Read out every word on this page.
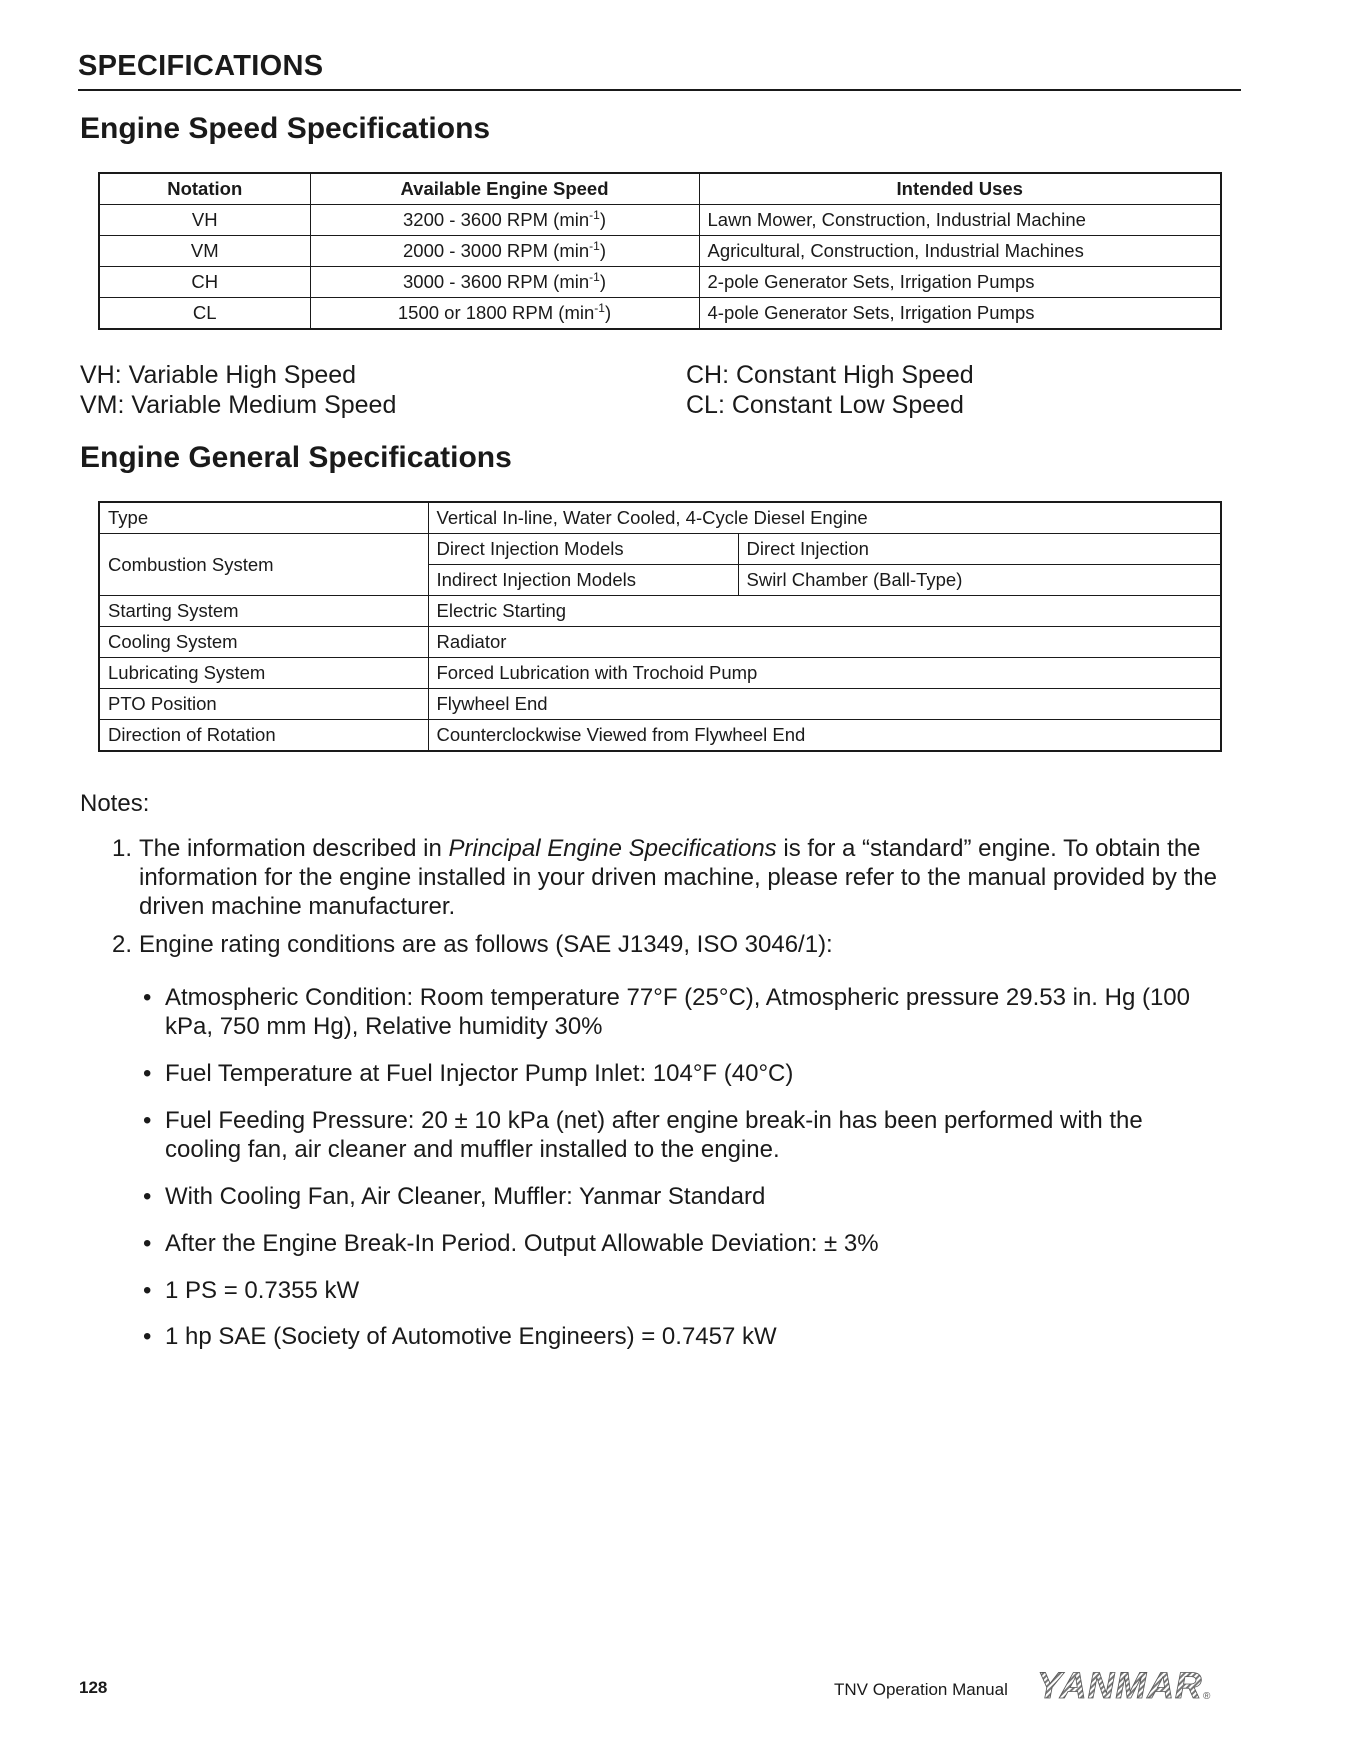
SPECIFICATIONS
Engine Speed Specifications
Notation	Available Engine Speed	Intended Uses
VH	3200 - 3600 RPM $(\min^{-1})$	Lawn Mower, Construction, Industrial Machine
VM	2000 - 3000 RPM $(\min^{-1})$	Agricultural, Construction, Industrial Machines
CH	3000 - 3600 RPM $(\min^{-1})$	2-pole Generator Sets, Irrigation Pumps
CL	1500 or 1800 RPM $(\min^{-1})$	4-pole Generator Sets, Irrigation Pumps
VH: Variable High Speed
VM: Variable Medium Speed
CH: Constant High Speed
CL: Constant Low Speed
Engine General Specifications
Type	Vertical In-line, Water Cooled, 4-Cycle Diesel Engine	
Combustion System	Direct Injection Models	Direct Injection
	Indirect Injection Models	Swirl Chamber (Ball-Type)
Starting System	Electric Starting	
Cooling System	Radiator	
Lubricating System	Forced Lubrication with Trochoid Pump	
PTO Position	Flywheel End	
Direction of Rotation	Counterclockwise Viewed from Flywheel End	
Notes:
1. The information described in Principal Engine Specifications is for a “standard” engine. To obtain the information for the engine installed in your driven machine, please refer to the manual provided by the driven machine manufacturer.
2. Engine rating conditions are as follows (SAE J1349, ISO 3046/1):
• Atmospheric Condition: Room temperature 77°F (25°C), Atmospheric pressure 29.53 in. Hg (100 kPa, 750 mm Hg), Relative humidity 30%
• Fuel Temperature at Fuel Injector Pump Inlet: 104°F (40°C)
• Fuel Feeding Pressure: 20 ± 10 kPa (net) after engine break-in has been performed with the cooling fan, air cleaner and muffler installed to the engine.
• With Cooling Fan, Air Cleaner, Muffler: Yanmar Standard
• After the Engine Break-In Period. Output Allowable Deviation: ± 3%
• 1 PS = 0.7355 kW
• 1 hp SAE (Society of Automotive Engineers) = 0.7457 kW
128	TNV Operation Manual YANMAR ®
